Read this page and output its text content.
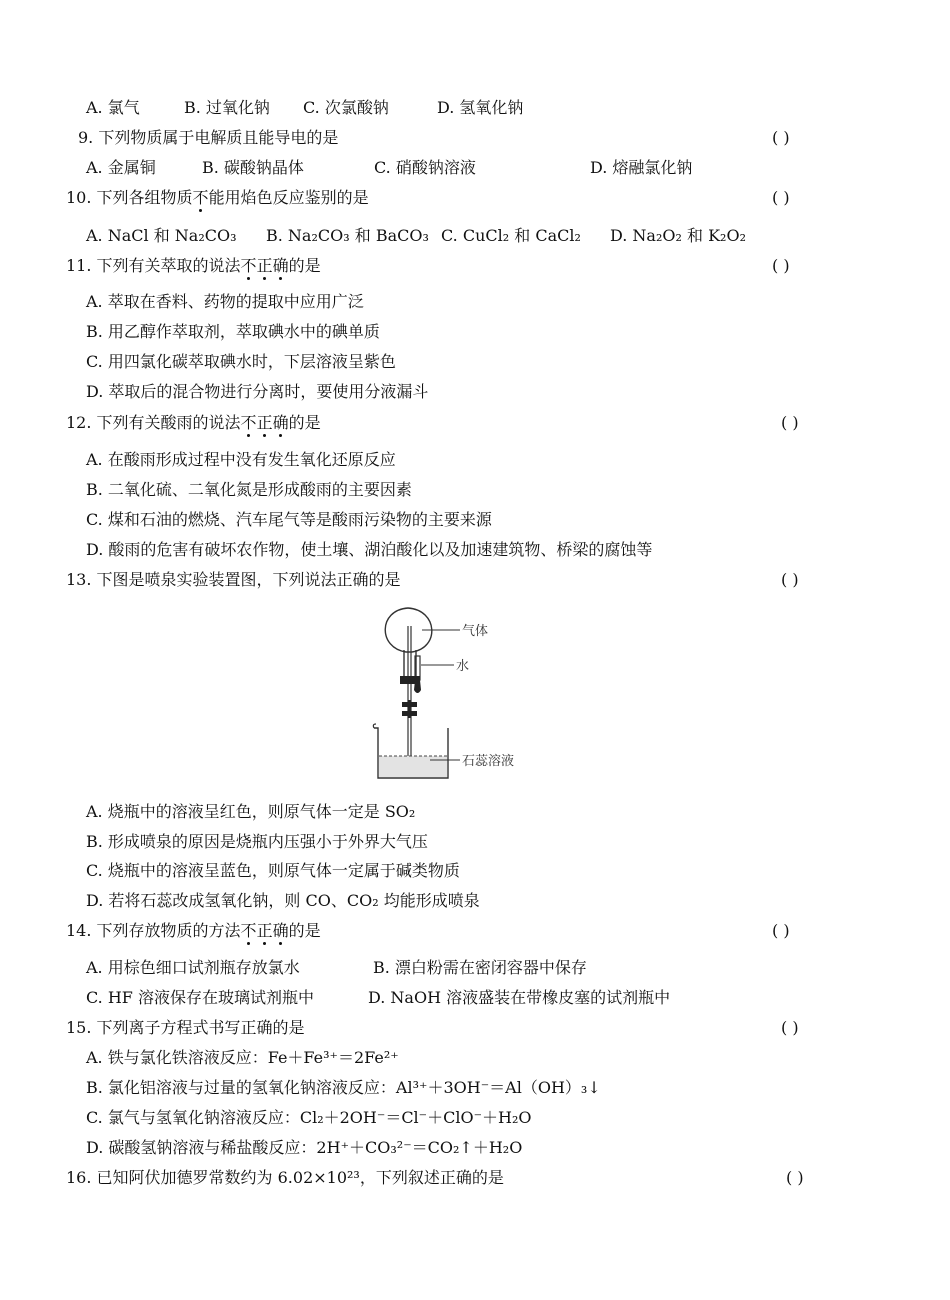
A. 氯气	B. 过氧化钠 C. 次氯酸钠	D. 氢氧化钠
9. 下列物质属于电解质且能导电的是	( )
A. 金属铜	B. 碳酸钠晶体	C. 硝酸钠溶液	D. 熔融氯化钠
10. 下列各组物质不能用焰色反应鉴别的是	( )
A. NaCl 和 Na₂CO₃ B. Na₂CO₃ 和 BaCO₃ C. CuCl₂ 和 CaCl₂ D. Na₂O₂ 和 K₂O₂
11. 下列有关萃取的说法不正确的是	( )
A. 萃取在香料、药物的提取中应用广泛
B. 用乙醇作萃取剂，萃取碘水中的碘单质
C. 用四氯化碳萃取碘水时，下层溶液呈紫色
D. 萃取后的混合物进行分离时，要使用分液漏斗
12. 下列有关酸雨的说法不正确的是	( )
A. 在酸雨形成过程中没有发生氧化还原反应
B. 二氧化硫、二氧化氮是形成酸雨的主要因素
C. 煤和石油的燃烧、汽车尾气等是酸雨污染物的主要来源
D. 酸雨的危害有破坏农作物，使土壤、湖泊酸化以及加速建筑物、桥梁的腐蚀等
13. 下图是喷泉实验装置图，下列说法正确的是	( )
气体
水
石蕊溶液
A. 烧瓶中的溶液呈红色，则原气体一定是 SO₂
B. 形成喷泉的原因是烧瓶内压强小于外界大气压
C. 烧瓶中的溶液呈蓝色，则原气体一定属于碱类物质
D. 若将石蕊改成氢氧化钠，则 CO、CO₂ 均能形成喷泉
14. 下列存放物质的方法不正确的是	( )
A. 用棕色细口试剂瓶存放氯水	B. 漂白粉需在密闭容器中保存
C. HF 溶液保存在玻璃试剂瓶中	D. NaOH 溶液盛装在带橡皮塞的试剂瓶中
15. 下列离子方程式书写正确的是	( )
A. 铁与氯化铁溶液反应：Fe＋Fe³⁺＝2Fe²⁺
B. 氯化铝溶液与过量的氢氧化钠溶液反应：Al³⁺＋3OH⁻＝Al（OH）₃↓
C. 氯气与氢氧化钠溶液反应：Cl₂＋2OH⁻＝Cl⁻＋ClO⁻＋H₂O
D. 碳酸氢钠溶液与稀盐酸反应：2H⁺＋CO₃²⁻＝CO₂↑＋H₂O
16. 已知阿伏加德罗常数约为 6.02×10²³，下列叙述正确的是	( )
